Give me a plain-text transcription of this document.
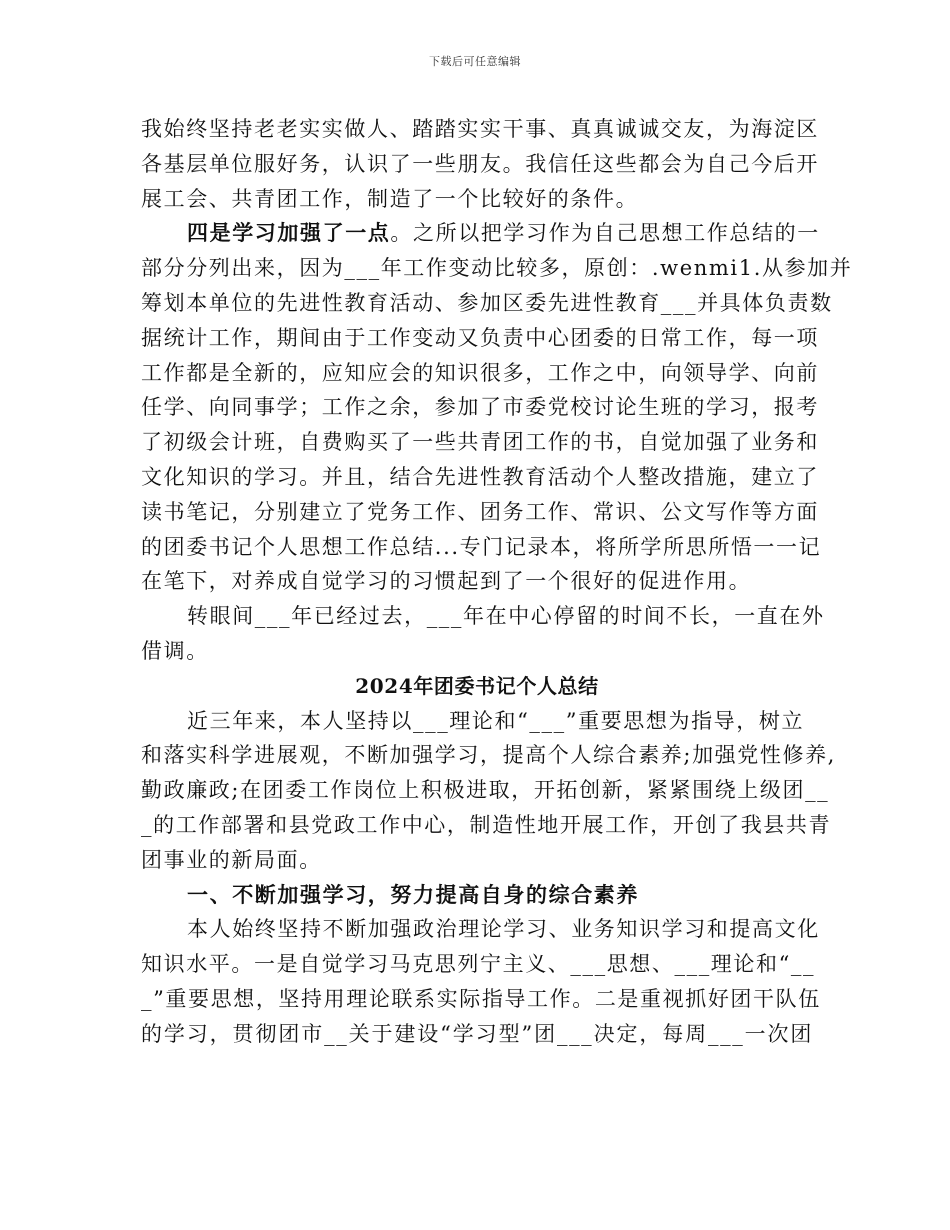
下载后可任意编辑
我始终坚持老老实实做人、踏踏实实干事、真真诚诚交友，为海淀区
各基层单位服好务，认识了一些朋友。我信任这些都会为自己今后开
展工会、共青团工作，制造了一个比较好的条件。
四是学习加强了一点。之所以把学习作为自己思想工作总结的一
部分分列出来，因为___年工作变动比较多，原创：.wenmi1.从参加并
筹划本单位的先进性教育活动、参加区委先进性教育___并具体负责数
据统计工作，期间由于工作变动又负责中心团委的日常工作，每一项
工作都是全新的，应知应会的知识很多，工作之中，向领导学、向前
任学、向同事学；工作之余，参加了市委党校讨论生班的学习，报考
了初级会计班，自费购买了一些共青团工作的书，自觉加强了业务和
文化知识的学习。并且，结合先进性教育活动个人整改措施，建立了
读书笔记，分别建立了党务工作、团务工作、常识、公文写作等方面
的团委书记个人思想工作总结...专门记录本，将所学所思所悟一一记
在笔下，对养成自觉学习的习惯起到了一个很好的促进作用。
转眼间___年已经过去，___年在中心停留的时间不长，一直在外
借调。
2024年团委书记个人总结
近三年来，本人坚持以___理论和“___”重要思想为指导，树立
和落实科学进展观，不断加强学习，提高个人综合素养;加强党性修养,
勤政廉政;在团委工作岗位上积极进取，开拓创新，紧紧围绕上级团__
_的工作部署和县党政工作中心，制造性地开展工作，开创了我县共青
团事业的新局面。
一、不断加强学习，努力提高自身的综合素养
本人始终坚持不断加强政治理论学习、业务知识学习和提高文化
知识水平。一是自觉学习马克思列宁主义、___思想、___理论和“__
_”重要思想，坚持用理论联系实际指导工作。二是重视抓好团干队伍
的学习，贯彻团市__关于建设“学习型”团___决定，每周___一次团
